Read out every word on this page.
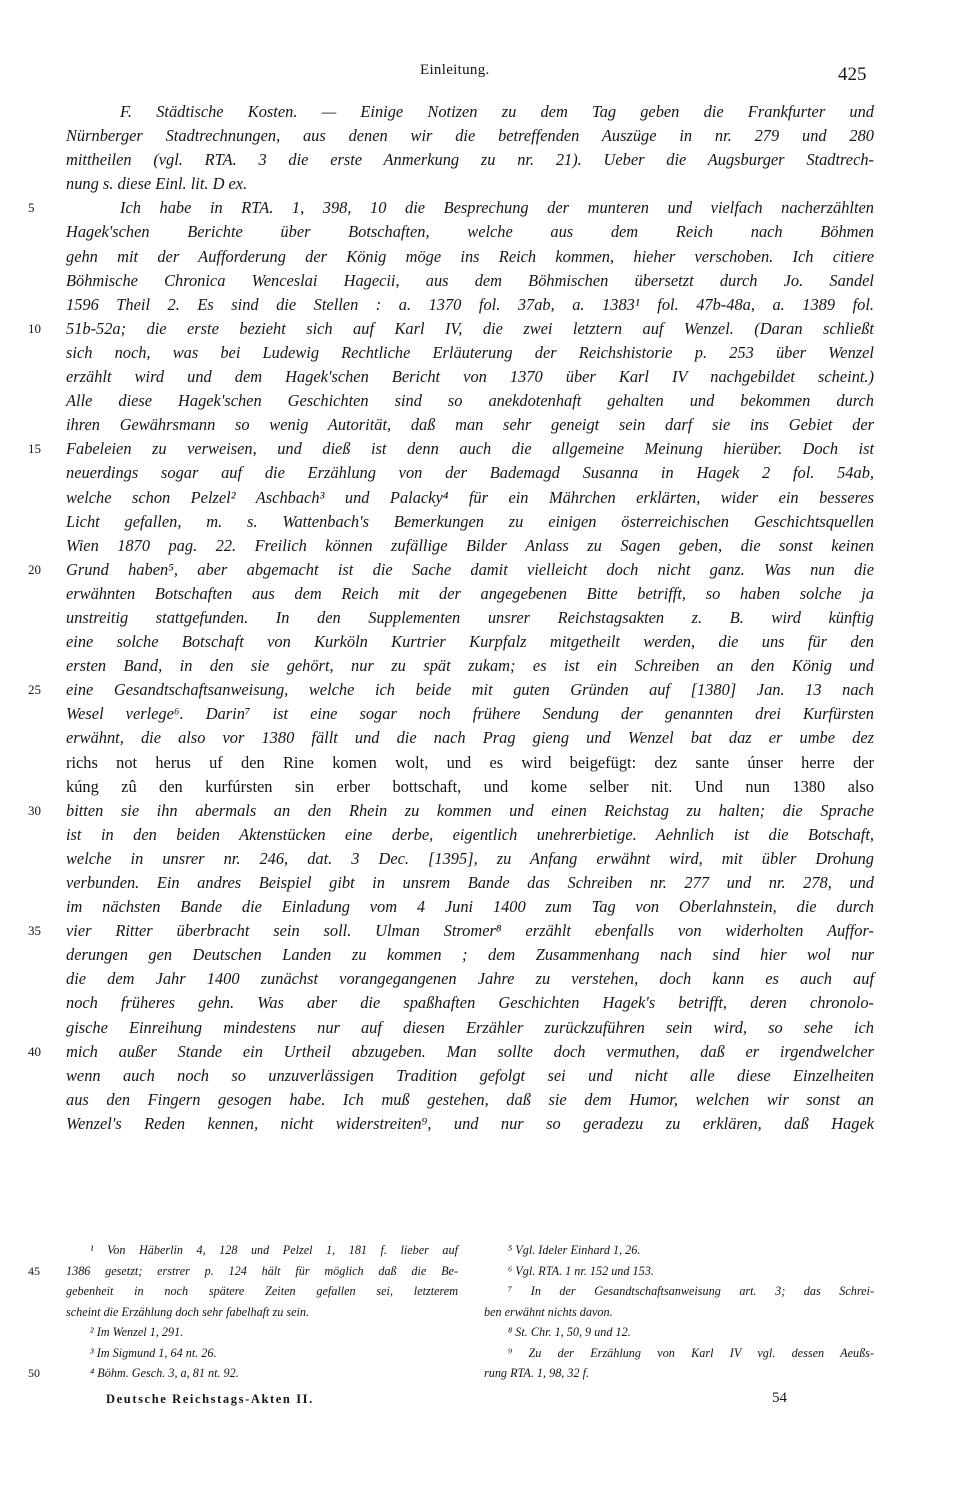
Einleitung.	425
F. Städtische Kosten. — Einige Notizen zu dem Tag geben die Frankfurter und
Nürnberger Stadtrechnungen, aus denen wir die betreffenden Auszüge in nr. 279 und 280
mittheilen (vgl. RTA. 3 die erste Anmerkung zu nr. 21). Ueber die Augsburger Stadtrech-
nung s. diese Einl. lit. D ex.
5	Ich habe in RTA. 1, 398, 10 die Besprechung der munteren und vielfach nacherzählten
Hagek'schen Berichte über Botschaften, welche aus dem Reich nach Böhmen
gehn mit der Aufforderung der König möge ins Reich kommen, hieher verschoben. Ich citiere
Böhmische Chronica Wenceslai Hagecii, aus dem Böhmischen übersetzt durch Jo. Sandel
1596 Theil 2. Es sind die Stellen : a. 1370 fol. 37ab, a. 1383¹ fol. 47b-48a, a. 1389 fol.
10	51b-52a; die erste bezieht sich auf Karl IV, die zwei letztern auf Wenzel. (Daran schließt
sich noch, was bei Ludewig Rechtliche Erläuterung der Reichshistorie p. 253 über Wenzel
erzählt wird und dem Hagek'schen Bericht von 1370 über Karl IV nachgebildet scheint.)
Alle diese Hagek'schen Geschichten sind so anekdotenhaft gehalten und bekommen durch
ihren Gewährsmann so wenig Autorität, daß man sehr geneigt sein darf sie ins Gebiet der
15	Fabeleien zu verweisen, und dieß ist denn auch die allgemeine Meinung hierüber. Doch ist
neuerdings sogar auf die Erzählung von der Bademagd Susanna in Hagek 2 fol. 54ab,
welche schon Pelzel² Aschbach³ und Palacky⁴ für ein Mährchen erklärten, wider ein besseres
Licht gefallen, m. s. Wattenbach's Bemerkungen zu einigen österreichischen Geschichtsquellen
Wien 1870 pag. 22. Freilich können zufällige Bilder Anlass zu Sagen geben, die sonst keinen
20	Grund haben⁵, aber abgemacht ist die Sache damit vielleicht doch nicht ganz. Was nun die
erwähnten Botschaften aus dem Reich mit der angegebenen Bitte betrifft, so haben solche ja
unstreitig stattgefunden. In den Supplementen unsrer Reichstagsakten z. B. wird künftig
eine solche Botschaft von Kurköln Kurtrier Kurpfalz mitgetheilt werden, die uns für den
ersten Band, in den sie gehört, nur zu spät zukam; es ist ein Schreiben an den König und
25	eine Gesandtschaftsanweisung, welche ich beide mit guten Gründen auf [1380] Jan. 13 nach
Wesel verlege⁶. Darin⁷ ist eine sogar noch frühere Sendung der genannten drei Kurfürsten
erwähnt, die also vor 1380 fällt und die nach Prag gieng und Wenzel bat daz er umbe dez
richs not herus uf den Rine komen wolt, und es wird beigefügt: dez sante únser herre der
kúng zû den kurfúrsten sin erber bottschaft, und kome selber nit. Und nun 1380 also
30	bitten sie ihn abermals an den Rhein zu kommen und einen Reichstag zu halten; die Sprache
ist in den beiden Aktenstücken eine derbe, eigentlich unehrerbietige. Aehnlich ist die Botschaft,
welche in unsrer nr. 246, dat. 3 Dec. [1395], zu Anfang erwähnt wird, mit übler Drohung
verbunden. Ein andres Beispiel gibt in unsrem Bande das Schreiben nr. 277 und nr. 278, und
im nächsten Bande die Einladung vom 4 Juni 1400 zum Tag von Oberlahnstein, die durch
35	vier Ritter überbracht sein soll. Ulman Stromer⁸ erzählt ebenfalls von widerholten Auffor-
derungen gen Deutschen Landen zu kommen ; dem Zusammenhang nach sind hier wol nur
die dem Jahr 1400 zunächst vorangegangenen Jahre zu verstehen, doch kann es auch auf
noch früheres gehn. Was aber die spaßhaften Geschichten Hagek's betrifft, deren chronolo-
gische Einreihung mindestens nur auf diesen Erzähler zurückzuführen sein wird, so sehe ich
40	mich außer Stande ein Urtheil abzugeben. Man sollte doch vermuthen, daß er irgendwelcher
wenn auch noch so unzuverlässigen Tradition gefolgt sei und nicht alle diese Einzelheiten
aus den Fingern gesogen habe. Ich muß gestehen, daß sie dem Humor, welchen wir sonst an
Wenzel's Reden kennen, nicht widerstreiten⁹, und nur so geradezu zu erklären, daß Hagek
¹ Von Häberlin 4, 128 und Pelzel 1, 181 f. lieber auf
45 1386 gesetzt; erstrer p. 124 hält für möglich daß die Be-
gebenheit in noch spätere Zeiten gefallen sei, letzterem
scheint die Erzählung doch sehr fabelhaft zu sein.
² Im Wenzel 1, 291.
³ Im Sigmund 1, 64 nt. 26.
50	⁴ Böhm. Gesch. 3, a, 81 nt. 92.
⁵ Vgl. Ideler Einhard 1, 26.
⁶ Vgl. RTA. 1 nr. 152 und 153.
⁷ In der Gesandtschaftsanweisung art. 3; das Schrei-
ben erwähnt nichts davon.
⁸ St. Chr. 1, 50, 9 und 12.
⁹ Zu der Erzählung von Karl IV vgl. dessen Aeußs-
rung RTA. 1, 98, 32 f.
Deutsche Reichstags-Akten II.	54
